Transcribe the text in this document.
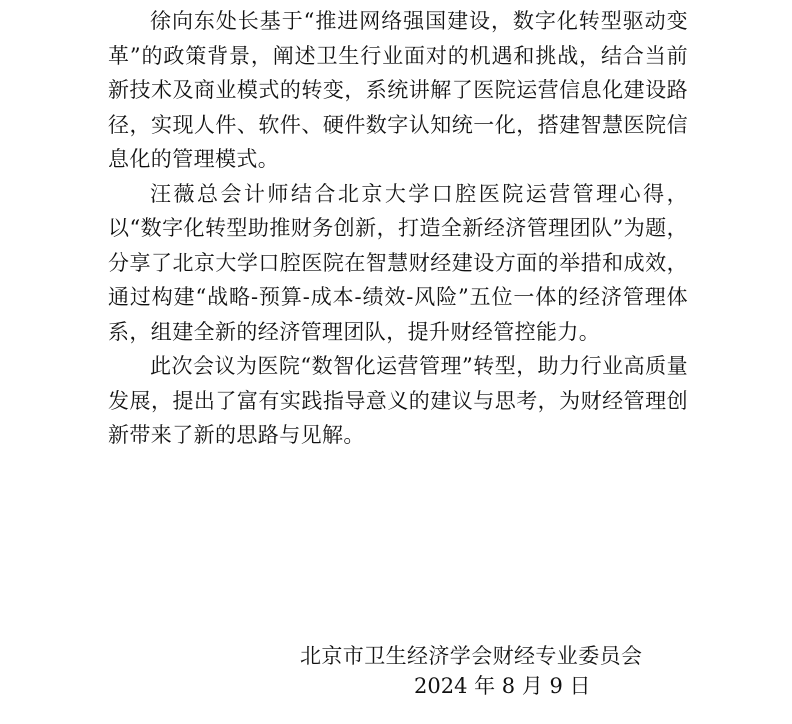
徐向东处长基于“推进网络强国建设，数字化转型驱动变革”的政策背景，阐述卫生行业面对的机遇和挑战，结合当前新技术及商业模式的转变，系统讲解了医院运营信息化建设路径，实现人件、软件、硬件数字认知统一化，搭建智慧医院信息化的管理模式。

汪薇总会计师结合北京大学口腔医院运营管理心得，以“数字化转型助推财务创新，打造全新经济管理团队”为题，分享了北京大学口腔医院在智慧财经建设方面的举措和成效，通过构建“战略-预算-成本-绩效-风险”五位一体的经济管理体系，组建全新的经济管理团队，提升财经管控能力。

此次会议为医院“数智化运营管理”转型，助力行业高质量发展，提出了富有实践指导意义的建议与思考，为财经管理创新带来了新的思路与见解。

北京市卫生经济学会财经专业委员会
2024 年 8 月 9 日
